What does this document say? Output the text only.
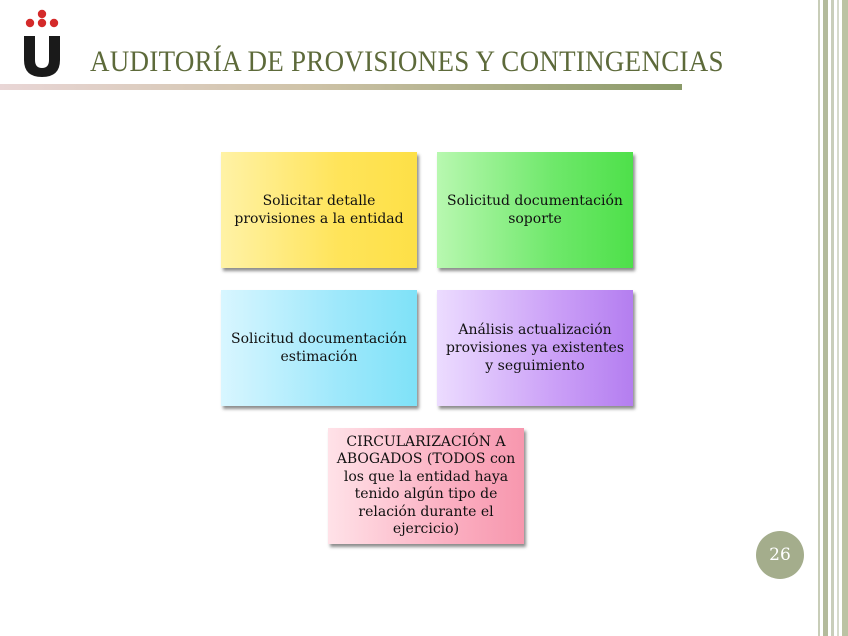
AUDITORÍA DE PROVISIONES Y CONTINGENCIAS
Solicitar detalle provisiones a la entidad
Solicitud documentación soporte
Solicitud documentación estimación
Análisis actualización provisiones ya existentes y seguimiento
CIRCULARIZACIÓN A ABOGADOS (TODOS con los que la entidad haya tenido algún tipo de relación durante el ejercicio)
26
